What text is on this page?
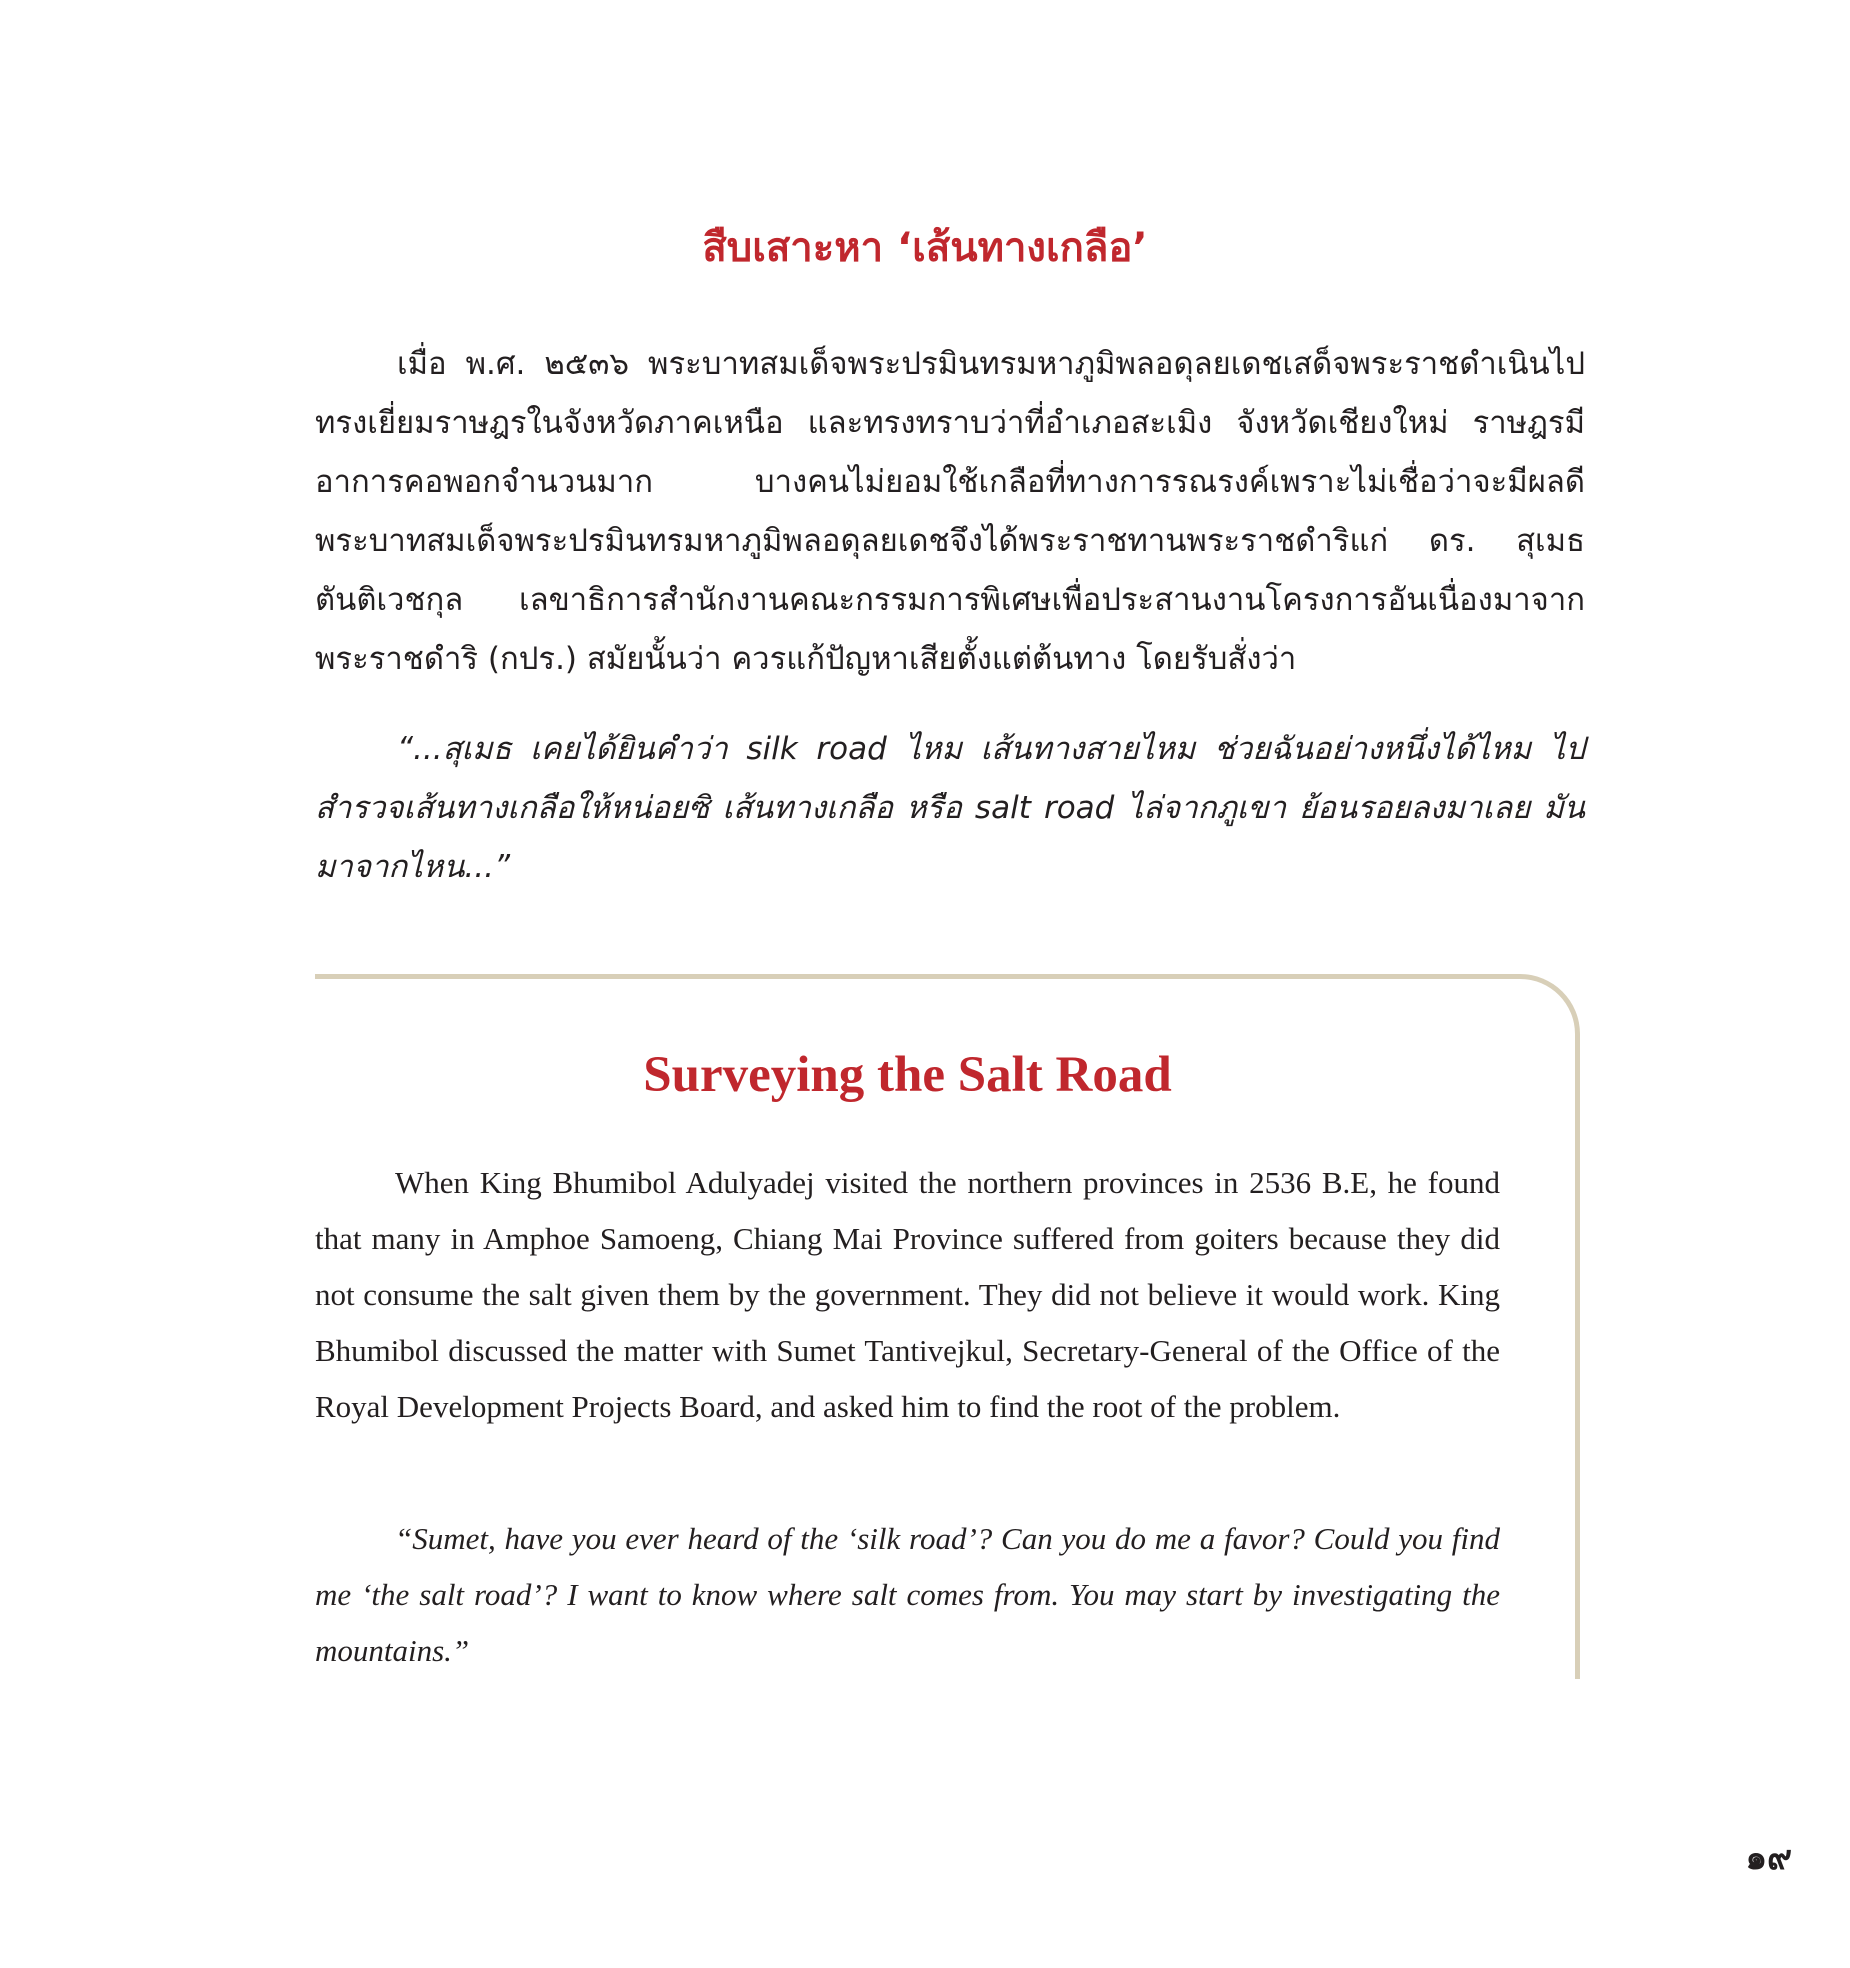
สืบเสาะหา ‘เส้นทางเกลือ’

เมื่อ พ.ศ. ๒๕๓๖ พระบาทสมเด็จพระปรมินทรมหาภูมิพลอดุลยเดชเสด็จพระราชดำเนินไปทรงเยี่ยมราษฎรในจังหวัดภาคเหนือ และทรงทราบว่าที่อำเภอสะเมิง จังหวัดเชียงใหม่ ราษฎรมีอาการคอพอกจำนวนมาก บางคนไม่ยอมใช้เกลือที่ทางการรณรงค์เพราะไม่เชื่อว่าจะมีผลดี พระบาทสมเด็จพระปรมินทรมหาภูมิพลอดุลยเดชจึงได้พระราชทานพระราชดำริแก่ ดร. สุเมธ ตันติเวชกุล เลขาธิการสำนักงานคณะกรรมการพิเศษเพื่อประสานงานโครงการอันเนื่องมาจากพระราชดำริ (กปร.) สมัยนั้นว่า ควรแก้ปัญหาเสียตั้งแต่ต้นทาง โดยรับสั่งว่า

“...สุเมธ เคยได้ยินคำว่า silk road ไหม เส้นทางสายไหม ช่วยฉันอย่างหนึ่งได้ไหม ไปสำรวจเส้นทางเกลือให้หน่อยซิ เส้นทางเกลือ หรือ salt road ไล่จากภูเขา ย้อนรอยลงมาเลย มันมาจากไหน...”

Surveying the Salt Road

When King Bhumibol Adulyadej visited the northern provinces in 2536 B.E, he found that many in Amphoe Samoeng, Chiang Mai Province suffered from goiters because they did not consume the salt given them by the government. They did not believe it would work. King Bhumibol discussed the matter with Sumet Tantivejkul, Secretary-General of the Office of the Royal Development Projects Board, and asked him to find the root of the problem.

“Sumet, have you ever heard of the ‘silk road’? Can you do me a favor? Could you find me ‘the salt road’? I want to know where salt comes from. You may start by investigating the mountains.”

๑๙
